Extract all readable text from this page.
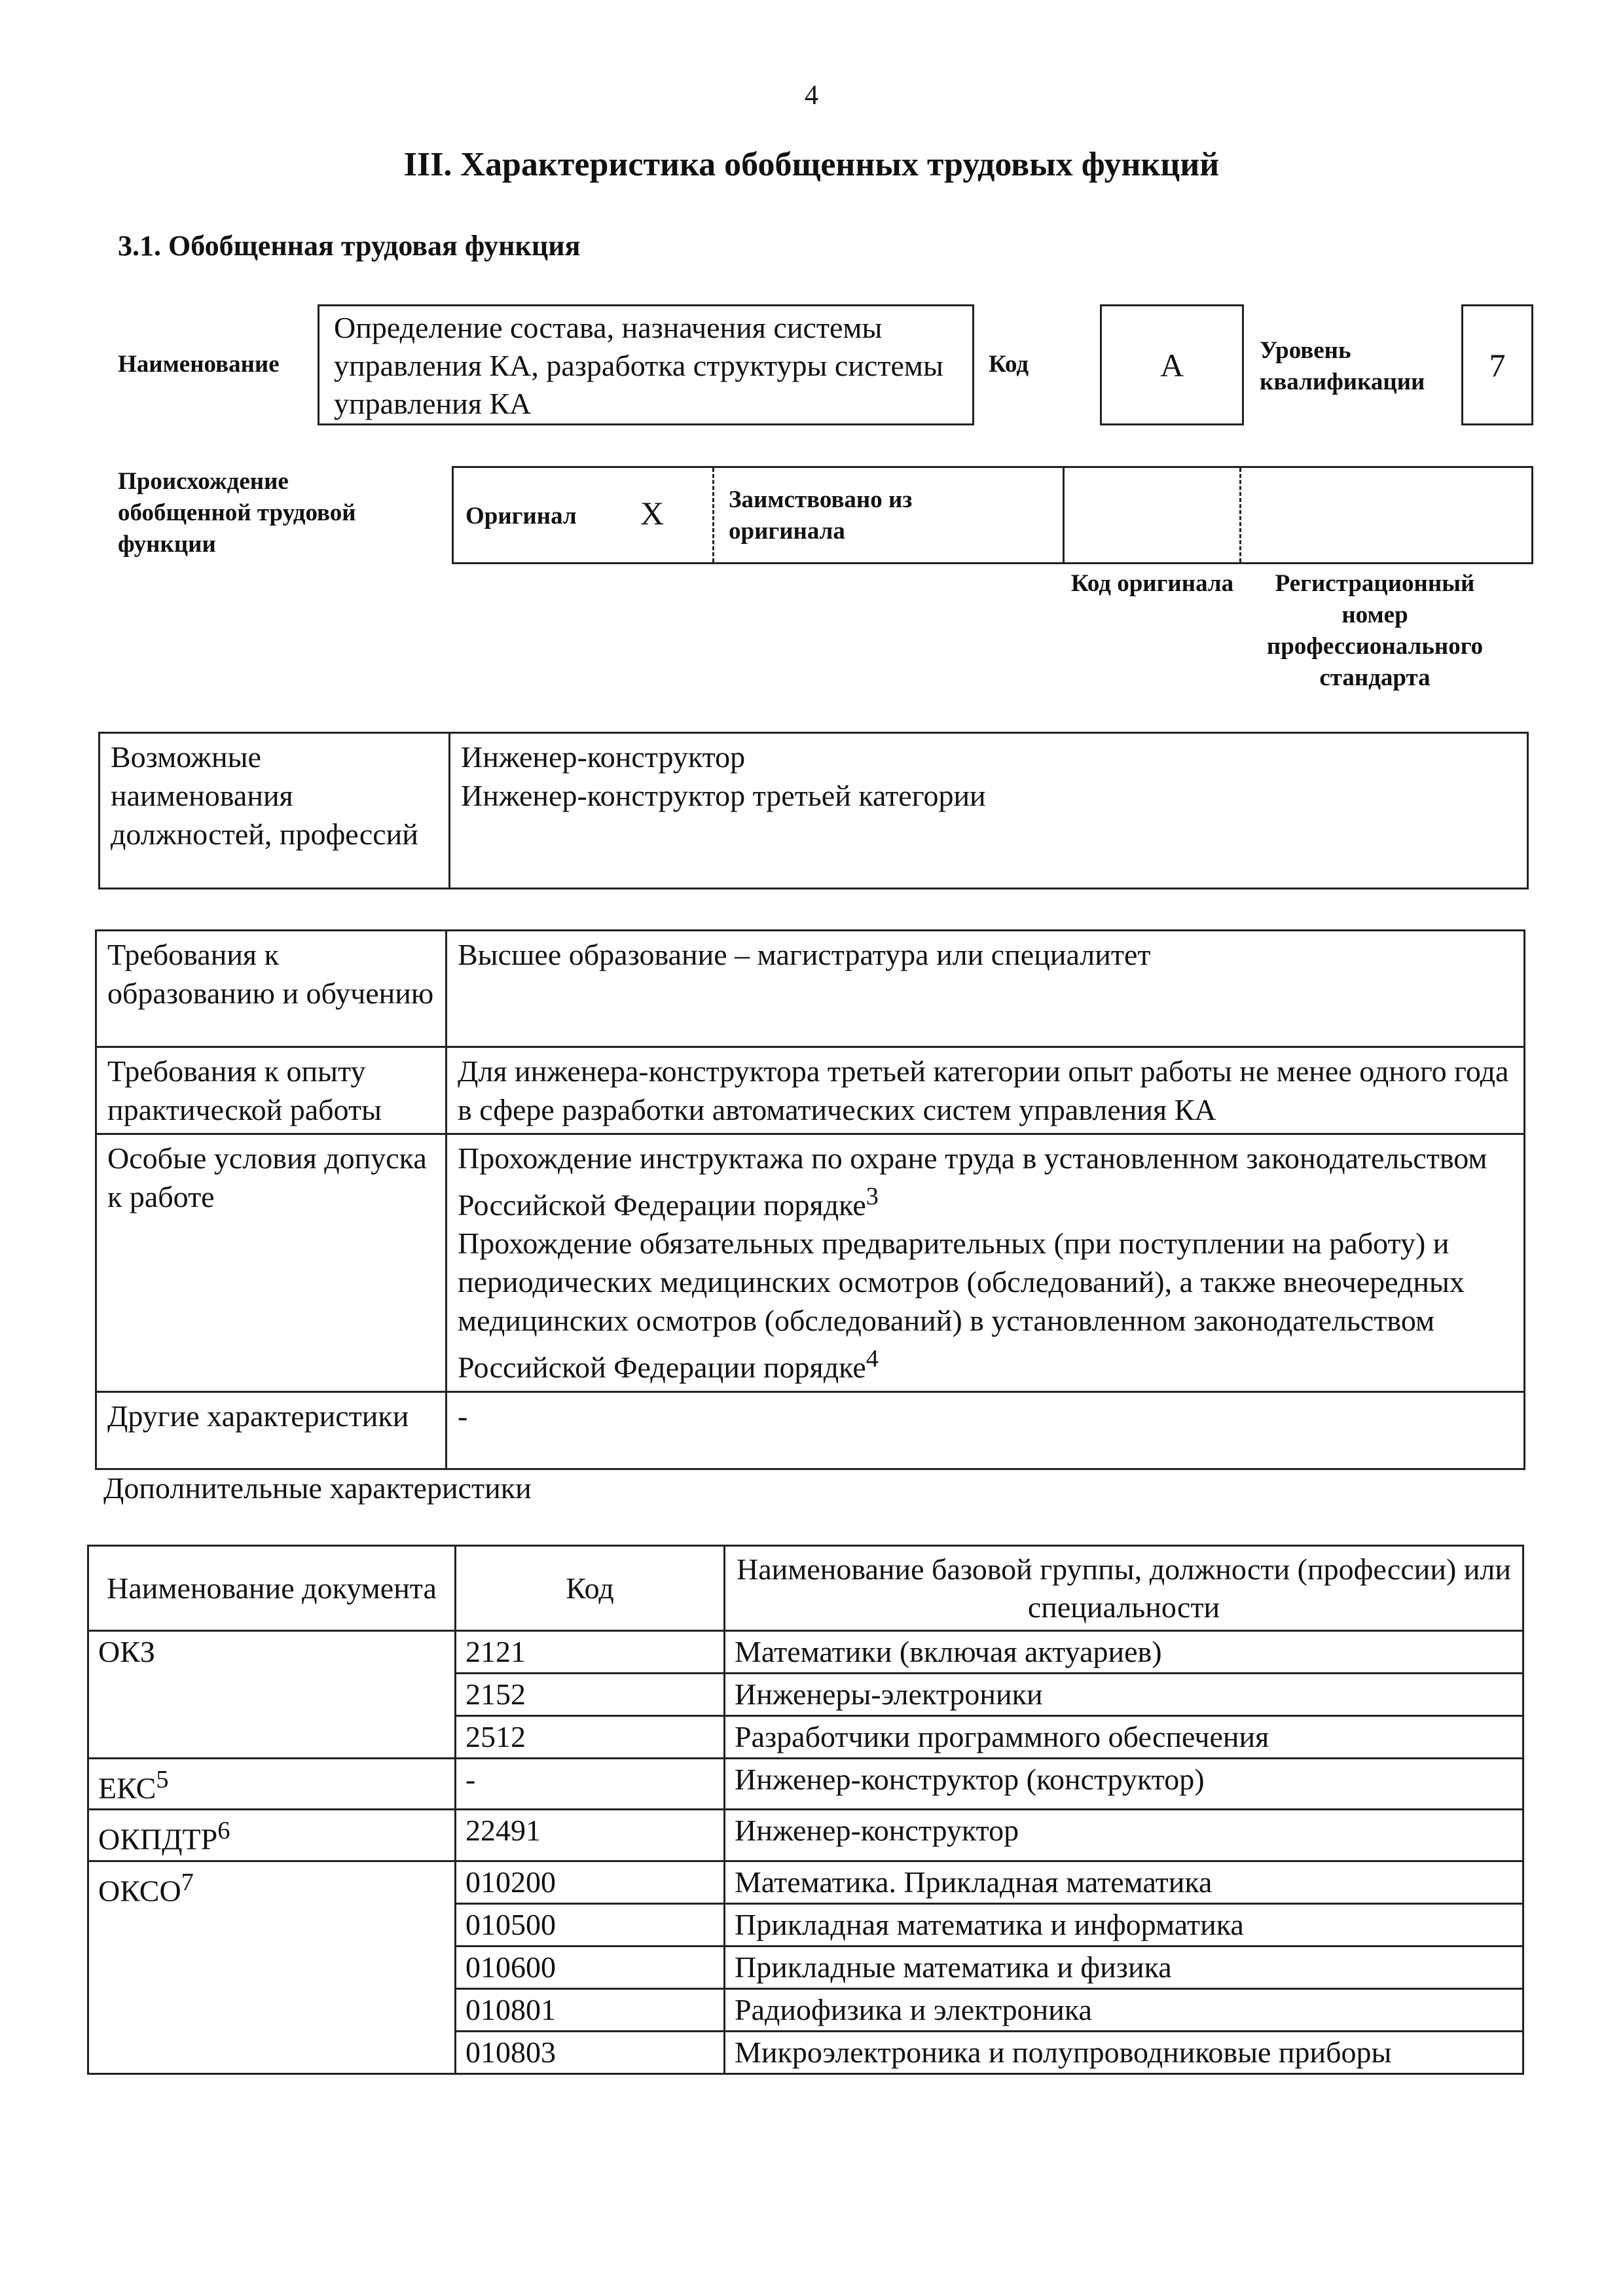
4
III. Характеристика обобщенных трудовых функций
3.1. Обобщенная трудовая функция
Наименование
Определение состава, назначения системы управления КА, разработка структуры системы управления КА
Код	А	Уровень квалификации	7
Происхождение обобщенной трудовой функции
Оригинал X	Заимствовано из оригинала
Код оригинала	Регистрационный номер профессионального стандарта
Возможные наименования должностей, профессий	
Инженер-конструктор
Инженер-конструктор третьей категории
Требования к образованию и обучению	Высшее образование – магистратура или специалитет
Требования к опыту практической работы	Для инженера-конструктора третьей категории опыт работы не менее одного года в сфере разработки автоматических систем управления КА
Особые условия допуска к работе	Прохождение инструктажа по охране труда в установленном законодательством Российской Федерации порядке$^3$
Прохождение обязательных предварительных (при поступлении на работу) и периодических медицинских осмотров (обследований), а также внеочередных медицинских осмотров (обследований) в установленном законодательством Российской Федерации порядке$^4$

Другие характеристики	-
Дополнительные характеристики
Наименование документа	Код	Наименование базовой группы, должности (профессии) или специальности
ОКЗ	2121	Математики (включая актуариев)
	2152	Инженеры-электроники
	2512	Разработчики программного обеспечения
ЕКС$^5$	-	Инженер-конструктор (конструктор)
ОКПДТР$^6$	22491	Инженер-конструктор
ОКСО$^7$	010200	Математика. Прикладная математика
	010500	Прикладная математика и информатика
	010600	Прикладные математика и физика
	010801	Радиофизика и электроника
	010803	Микроэлектроника и полупроводниковые приборы
